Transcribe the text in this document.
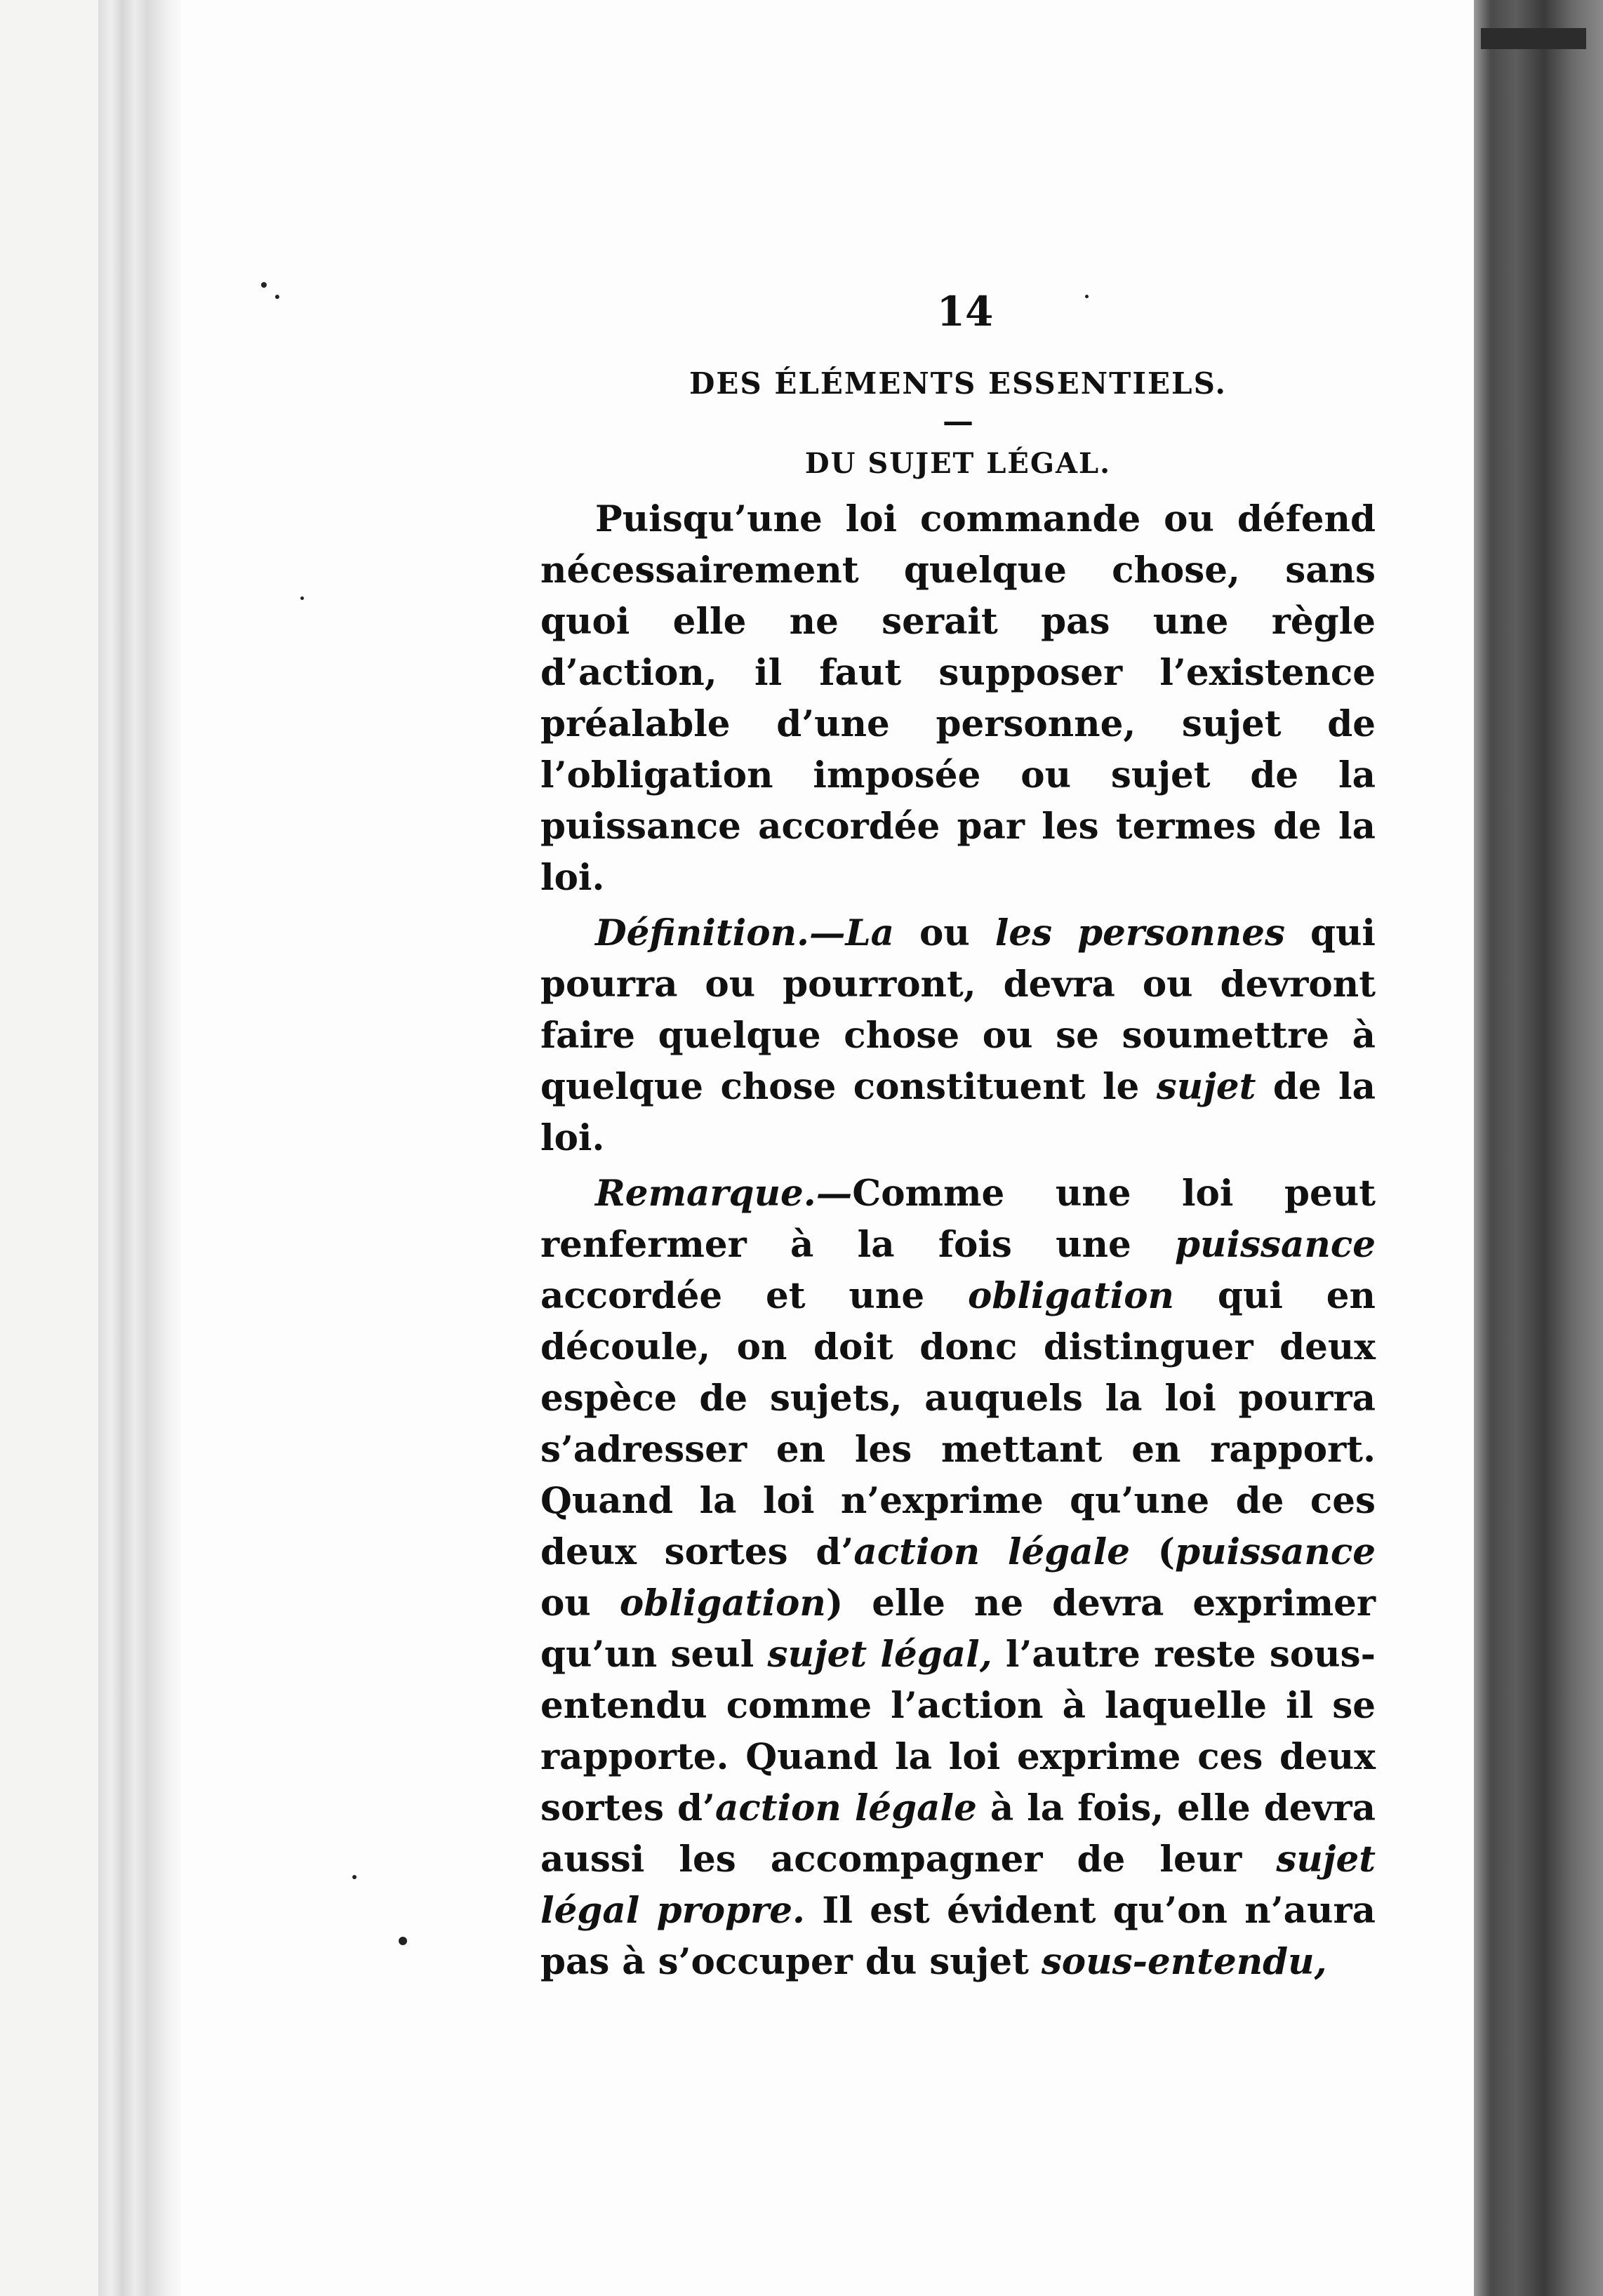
14
DES ÉLÉMENTS ESSENTIELS.
—
DU SUJET LÉGAL.

Puisqu’une loi commande ou défend nécessairement quelque chose, sans quoi elle ne serait pas une règle d’action, il faut supposer l’existence préalable d’une personne, sujet de l’obligation imposée ou sujet de la puissance accordée par les termes de la loi.

Définition.—La ou les personnes qui pourra ou pourront, devra ou devront faire quelque chose ou se soumettre à quelque chose constituent le sujet de la loi.

Remarque.—Comme une loi peut renfermer à la fois une puissance accordée et une obligation qui en découle, on doit donc distinguer deux espèce de sujets, auquels la loi pourra s’adresser en les mettant en rapport. Quand la loi n’exprime qu’une de ces deux sortes d’action légale (puissance ou obligation) elle ne devra exprimer qu’un seul sujet légal, l’autre reste sous-entendu comme l’action à laquelle il se rapporte. Quand la loi exprime ces deux sortes d’action légale à la fois, elle devra aussi les accompagner de leur sujet légal propre. Il est évident qu’on n’aura pas à s’occuper du sujet sous-entendu,
